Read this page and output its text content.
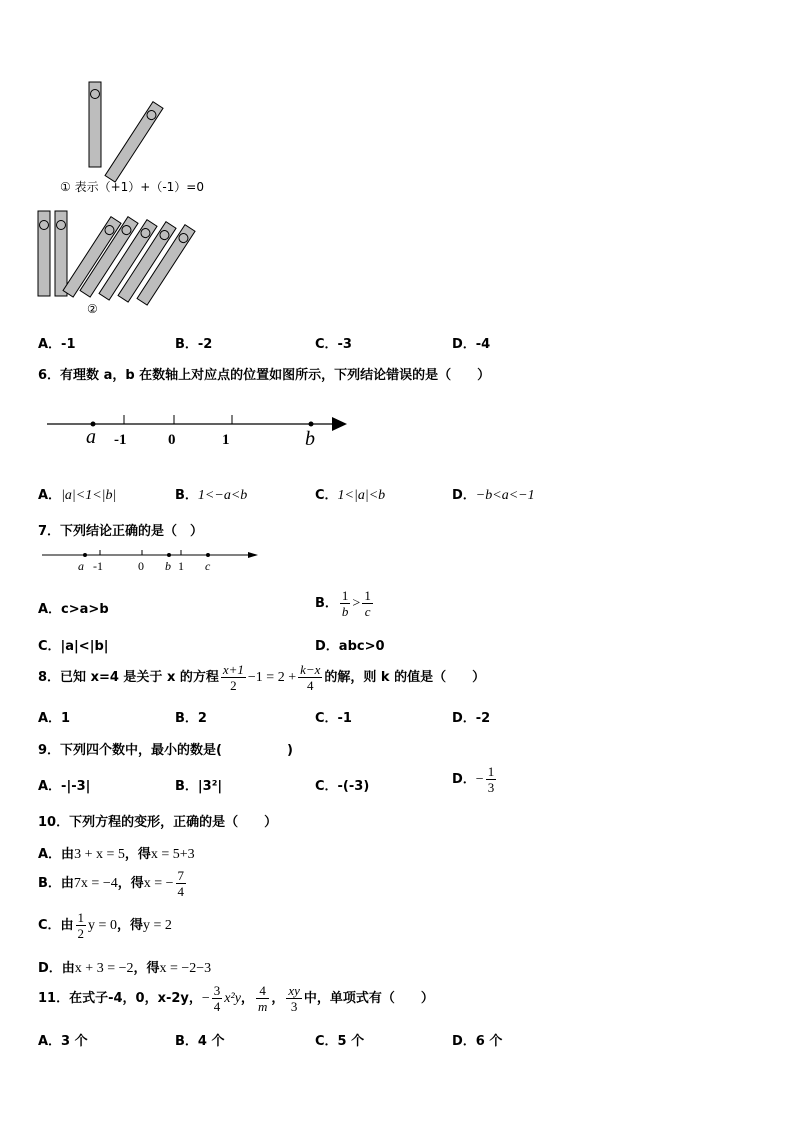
① 表示（+1）+（-1）=0
②
A．-1	B．-2	C．-3	D．-4
6．有理数 a，b 在数轴上对应点的位置如图所示，下列结论错误的是（　　）
a -1	0	1	b
A．|a|<1<|b|	B．1<−a<b	C．1<|a|<b	D．−b<a<−1
7．下列结论正确的是（　）
a -1	0 b 1 c
A．c>a>b	B． $\frac{1}{b} > \frac{1}{c}$
C．|a|<|b|	D．abc>0
8．已知 x=4 是关于 x 的方程 $\frac{x+1}{2} -1 = 2 + \frac{k-x}{4}$ 的解，则 k 的值是（　　）
A．1	B．2	C．-1	D．-2
9．下列四个数中，最小的数是(　　　　　)
A．-|-3|	B．|3²|	C．-(-3)	D．− $\frac{1}{3}$
10．下列方程的变形，正确的是（　　）
A．由3 + x = 5，得x = 5+3
B．由7x = −4，得x = − $\frac{7}{4}$
C．由 $\frac{1}{2}$ y = 0，得y = 2
D．由x + 3 = −2，得x = −2−3
11．在式子-4，0，x-2y，− $\frac{3}{4} x^2y$， $\frac{4}{m}$ ， $\frac{xy}{3}$ 中，单项式有（　　）
A．3 个	B．4 个	C．5 个	D．6 个
